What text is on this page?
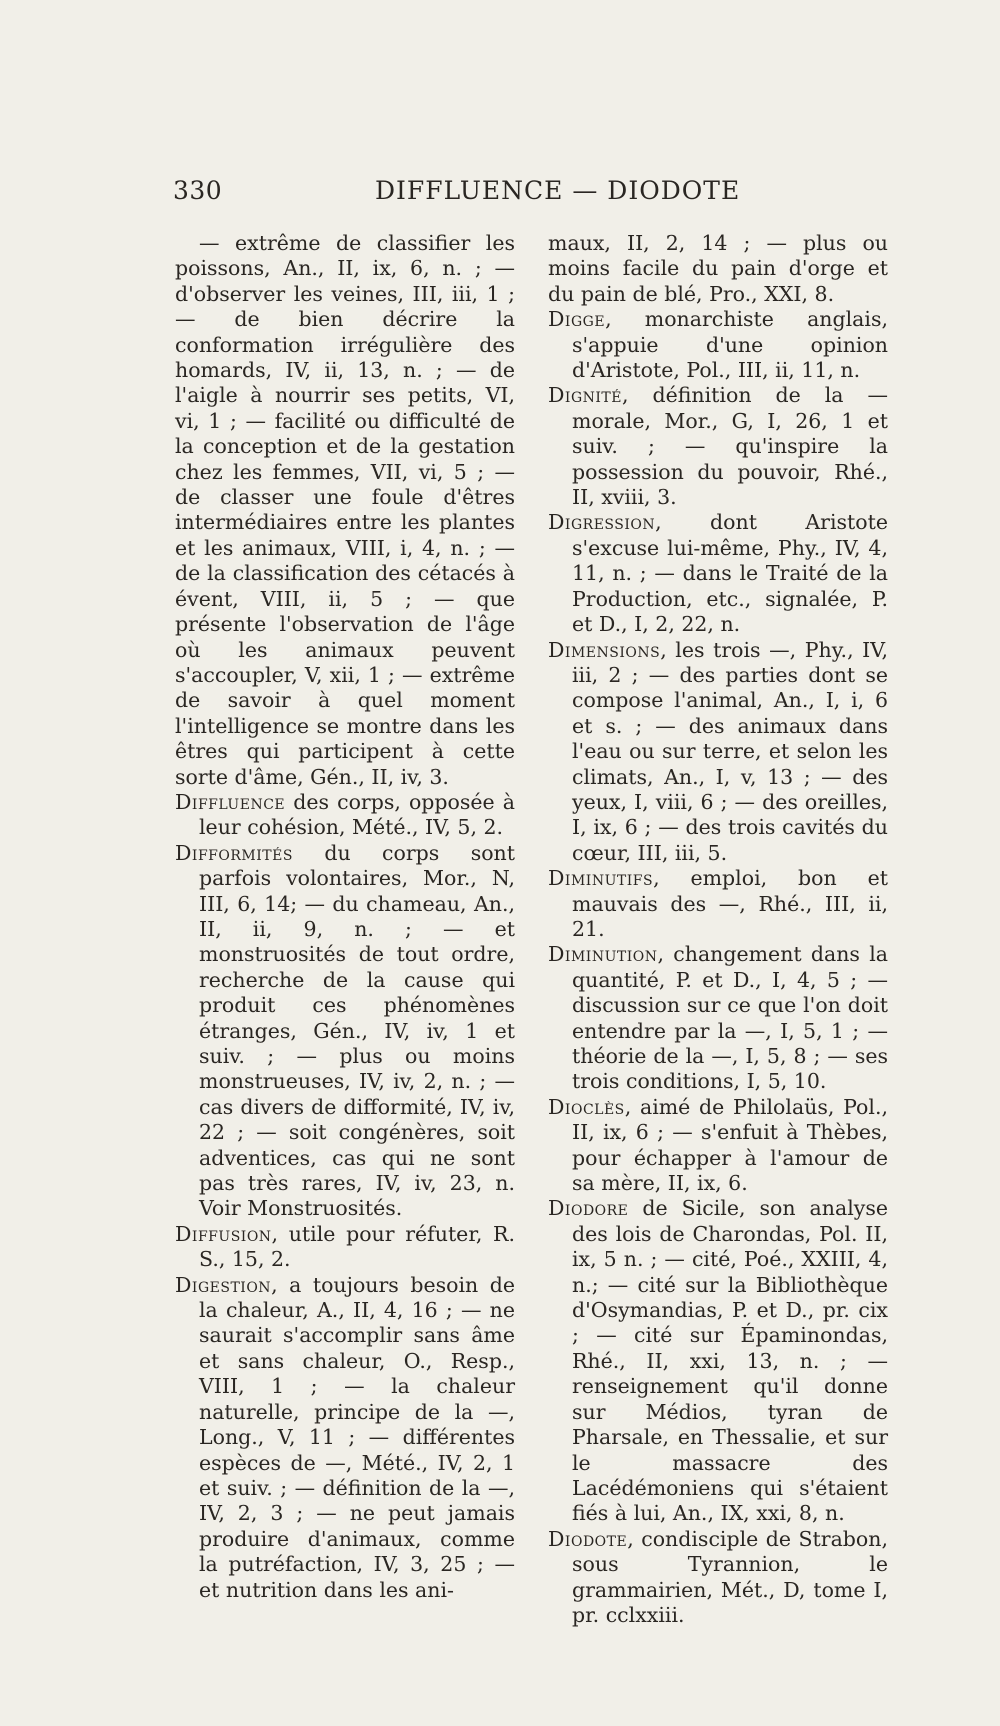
330	DIFFLUENCE — DIODOTE

— extrême de classifier les poissons, An., II, ix, 6, n. ; — d'observer les veines, III, iii, 1 ; — de bien décrire la conformation irrégulière des homards, IV, ii, 13, n. ; — de l'aigle à nourrir ses petits, VI, vi, 1 ; — facilité ou difficulté de la conception et de la gestation chez les femmes, VII, vi, 5 ; — de classer une foule d'êtres intermédiaires entre les plantes et les animaux, VIII, i, 4, n. ; — de la classification des cétacés à évent, VIII, ii, 5 ; — que présente l'observation de l'âge où les animaux peuvent s'accoupler, V, xii, 1 ; — extrême de savoir à quel moment l'intelligence se montre dans les êtres qui participent à cette sorte d'âme, Gén., II, iv, 3.

Diffluence des corps, opposée à leur cohésion, Mété., IV, 5, 2.

Difformités du corps sont parfois volontaires, Mor., N, III, 6, 14; — du chameau, An., II, ii, 9, n. ; — et monstruosités de tout ordre, recherche de la cause qui produit ces phénomènes étranges, Gén., IV, iv, 1 et suiv. ; — plus ou moins monstrueuses, IV, iv, 2, n. ; — cas divers de difformité, IV, iv, 22 ; — soit congénères, soit adventices, cas qui ne sont pas très rares, IV, iv, 23, n. Voir Monstruosités.

Diffusion, utile pour réfuter, R. S., 15, 2.

Digestion, a toujours besoin de la chaleur, A., II, 4, 16 ; — ne saurait s'accomplir sans âme et sans chaleur, O., Resp., VIII, 1 ; — la chaleur naturelle, principe de la —, Long., V, 11 ; — différentes espèces de —, Mété., IV, 2, 1 et suiv. ; — définition de la —, IV, 2, 3 ; — ne peut jamais produire d'animaux, comme la putréfaction, IV, 3, 25 ; — et nutrition dans les ani-

maux, II, 2, 14 ; — plus ou moins facile du pain d'orge et du pain de blé, Pro., XXI, 8.

Digge, monarchiste anglais, s'appuie d'une opinion d'Aristote, Pol., III, ii, 11, n.

Dignité, définition de la — morale, Mor., G, I, 26, 1 et suiv. ; — qu'inspire la possession du pouvoir, Rhé., II, xviii, 3.

Digression, dont Aristote s'excuse lui-même, Phy., IV, 4, 11, n. ; — dans le Traité de la Production, etc., signalée, P. et D., I, 2, 22, n.

Dimensions, les trois —, Phy., IV, iii, 2 ; — des parties dont se compose l'animal, An., I, i, 6 et s. ; — des animaux dans l'eau ou sur terre, et selon les climats, An., I, v, 13 ; — des yeux, I, viii, 6 ; — des oreilles, I, ix, 6 ; — des trois cavités du cœur, III, iii, 5.

Diminutifs, emploi, bon et mauvais des —, Rhé., III, ii, 21.

Diminution, changement dans la quantité, P. et D., I, 4, 5 ; — discussion sur ce que l'on doit entendre par la —, I, 5, 1 ; — théorie de la —, I, 5, 8 ; — ses trois conditions, I, 5, 10.

Dioclès, aimé de Philolaüs, Pol., II, ix, 6 ; — s'enfuit à Thèbes, pour échapper à l'amour de sa mère, II, ix, 6.

Diodore de Sicile, son analyse des lois de Charondas, Pol. II, ix, 5 n. ; — cité, Poé., XXIII, 4, n.; — cité sur la Bibliothèque d'Osymandias, P. et D., pr. cix ; — cité sur Épaminondas, Rhé., II, xxi, 13, n. ; — renseignement qu'il donne sur Médios, tyran de Pharsale, en Thessalie, et sur le massacre des Lacédémoniens qui s'étaient fiés à lui, An., IX, xxi, 8, n.

Diodote, condisciple de Strabon, sous Tyrannion, le grammairien, Mét., D, tome I, pr. cclxxiii.
